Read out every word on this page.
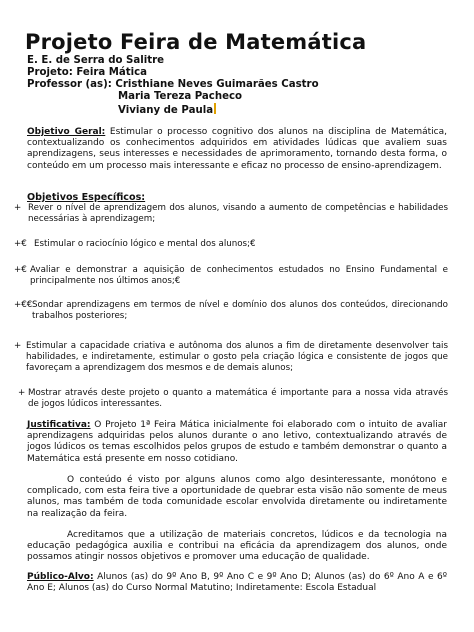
Projeto Feira de Matemática
E. E. de Serra do Salitre
Projeto: Feira Mática
Professor (as): Cristhiane Neves Guimarães Castro
Maria Tereza Pacheco
Viviany de Paula
Objetivo Geral: Estimular o processo cognitivo dos alunos na disciplina de Matemática, contextualizando os conhecimentos adquiridos em atividades lúdicas que avaliem suas aprendizagens, seus interesses e necessidades de aprimoramento, tornando desta forma, o conteúdo em um processo mais interessante e eficaz no processo de ensino-aprendizagem.
Objetivos Específicos:
+ Rever o nível de aprendizagem dos alunos, visando a aumento de competências e habilidades necessárias à aprendizagem;
+€ Estimular o raciocínio lógico e mental dos alunos;€
+€ Avaliar e demonstrar a aquisição de conhecimentos estudados no Ensino Fundamental e principalmente nos últimos anos;€
+€€ Sondar aprendizagens em termos de nível e domínio dos alunos dos conteúdos, direcionando trabalhos posteriores;
+ Estimular a capacidade criativa e autônoma dos alunos a fim de diretamente desenvolver tais habilidades, e indiretamente, estimular o gosto pela criação lógica e consistente de jogos que favoreçam a aprendizagem dos mesmos e de demais alunos;
+ Mostrar através deste projeto o quanto a matemática é importante para a nossa vida através de jogos lúdicos interessantes.
Justificativa: O Projeto 1ª Feira Mática inicialmente foi elaborado com o intuito de avaliar aprendizagens adquiridas pelos alunos durante o ano letivo, contextualizando através de jogos lúdicos os temas escolhidos pelos grupos de estudo e também demonstrar o quanto a Matemática está presente em nosso cotidiano.
O conteúdo é visto por alguns alunos como algo desinteressante, monótono e complicado, com esta feira tive a oportunidade de quebrar esta visão não somente de meus alunos, mas também de toda comunidade escolar envolvida diretamente ou indiretamente na realização da feira.
Acreditamos que a utilização de materiais concretos, lúdicos e da tecnologia na educação pedagógica auxilia e contribui na eficácia da aprendizagem dos alunos, onde possamos atingir nossos objetivos e promover uma educação de qualidade.
Público-Alvo: Alunos (as) do 9º Ano B, 9º Ano C e 9º Ano D; Alunos (as) do 6º Ano A e 6º Ano E; Alunos (as) do Curso Normal Matutino; Indiretamente: Escola Estadual
